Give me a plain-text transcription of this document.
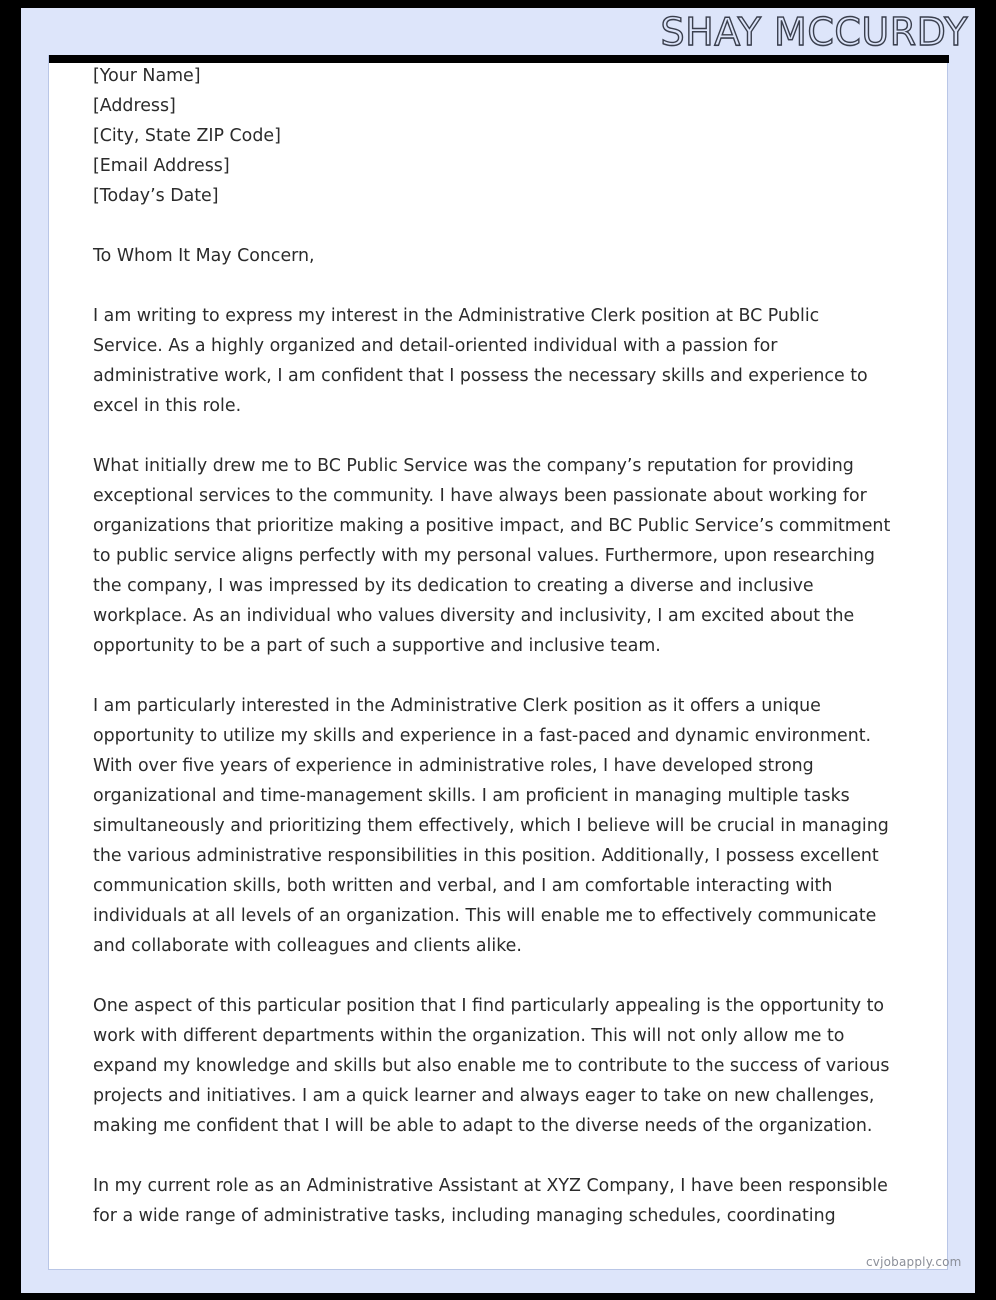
SHAY MCCURDY
[Your Name]
[Address]
[City, State ZIP Code]
[Email Address]
[Today’s Date]
To Whom It May Concern,
I am writing to express my interest in the Administrative Clerk position at BC Public Service. As a highly organized and detail-oriented individual with a passion for administrative work, I am confident that I possess the necessary skills and experience to excel in this role.
What initially drew me to BC Public Service was the company’s reputation for providing exceptional services to the community. I have always been passionate about working for organizations that prioritize making a positive impact, and BC Public Service’s commitment to public service aligns perfectly with my personal values. Furthermore, upon researching the company, I was impressed by its dedication to creating a diverse and inclusive workplace. As an individual who values diversity and inclusivity, I am excited about the opportunity to be a part of such a supportive and inclusive team.
I am particularly interested in the Administrative Clerk position as it offers a unique opportunity to utilize my skills and experience in a fast-paced and dynamic environment. With over five years of experience in administrative roles, I have developed strong organizational and time-management skills. I am proficient in managing multiple tasks simultaneously and prioritizing them effectively, which I believe will be crucial in managing the various administrative responsibilities in this position. Additionally, I possess excellent communication skills, both written and verbal, and I am comfortable interacting with individuals at all levels of an organization. This will enable me to effectively communicate and collaborate with colleagues and clients alike.
One aspect of this particular position that I find particularly appealing is the opportunity to work with different departments within the organization. This will not only allow me to expand my knowledge and skills but also enable me to contribute to the success of various projects and initiatives. I am a quick learner and always eager to take on new challenges, making me confident that I will be able to adapt to the diverse needs of the organization.
In my current role as an Administrative Assistant at XYZ Company, I have been responsible for a wide range of administrative tasks, including managing schedules, coordinating
cvjobapply.com
